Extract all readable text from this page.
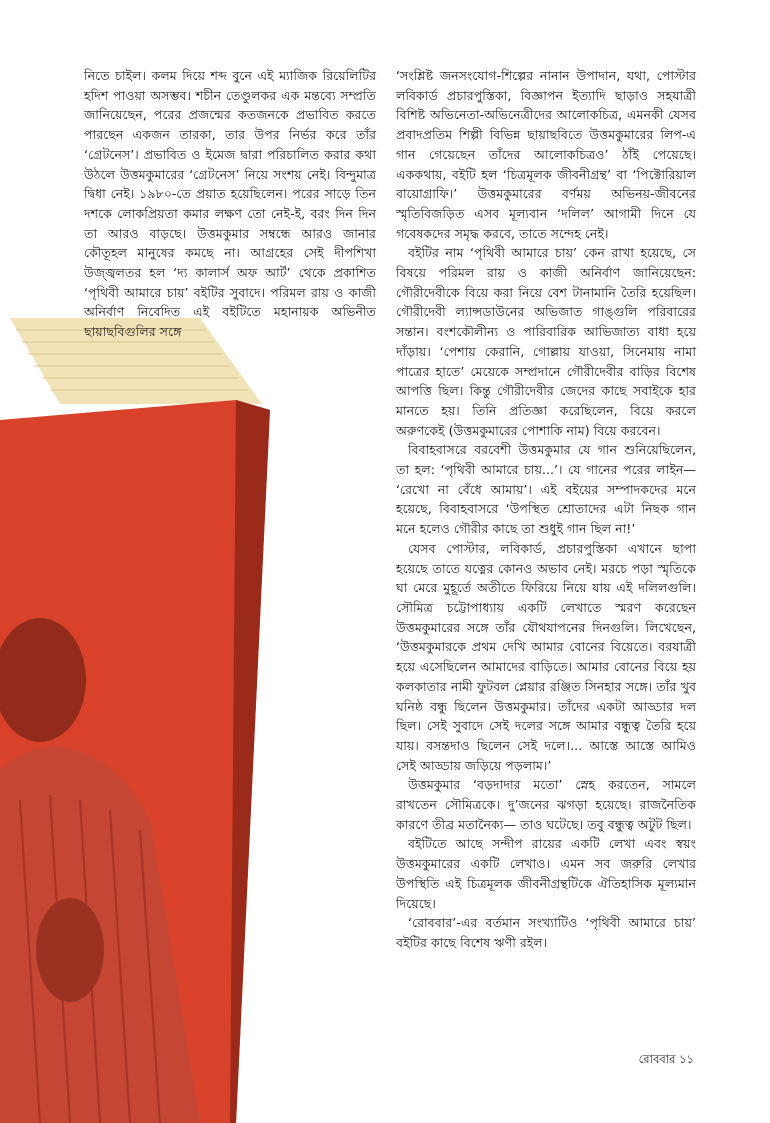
নিতে চাইল। কলম দিয়ে শব্দ বুনে এই ম্যাজিক রিয়েলিটির হদিশ পাওয়া অসম্ভব। শচীন তেণ্ডুলকর এক মন্তব্যে সম্প্রতি জানিয়েছেন, পরের প্রজন্মের কতজনকে প্রভাবিত করতে পারছেন একজন তারকা, তার উপর নির্ভর করে তাঁর ‘গ্রেটনেস’। প্রভাবিত ও ইমেজ দ্বারা পরিচালিত করার কথা উঠলে উত্তমকুমারের ‘গ্রেটনেস’ নিয়ে সংশয় নেই। বিন্দুমাত্র দ্বিধা নেই। ১৯৮০-তে প্রয়াত হয়েছিলেন। পরের সাড়ে তিন দশকে লোকপ্রিয়তা কমার লক্ষণ তো নেই-ই, বরং দিন দিন তা আরও বাড়ছে। উত্তমকুমার সম্বন্ধে আরও জানার কৌতূহল মানুষের কমছে না। আগ্রহের সেই দীপশিখা উজ্জ্বলতর হল ‘দ্য কালার্স অফ আর্ট’ থেকে প্রকাশিত ‘পৃথিবী আমারে চায়’ বইটির সুবাদে। পরিমল রায় ও কাজী অনির্বাণ নিবেদিত এই বইটিতে মহানায়ক অভিনীত ছায়াছবিগুলির সঙ্গে

‘সংশ্লিষ্ট জনসংযোগ-শিল্পের নানান উপাদান, যথা, পোস্টার লবিকার্ড প্রচারপুস্তিকা, বিজ্ঞাপন ইত্যাদি ছাড়াও সহযাত্রী বিশিষ্ট অভিনেতা-অভিনেত্রীদের আলোকচিত্র, এমনকী যেসব প্রবাদপ্রতিম শিল্পী বিভিন্ন ছায়াছবিতে উত্তমকুমারের লিপ-এ গান গেয়েছেন তাঁদের আলোকচিত্রও’ ঠাঁই পেয়েছে। এককথায়, বইটি হল ‘চিত্রমূলক জীবনীগ্রন্থ’ বা ‘পিক্টোরিয়াল বায়োগ্রাফি।’ উত্তমকুমারের বর্ণময় অভিনয়-জীবনের স্মৃতিবিজড়িত এসব মূল্যবান ‘দলিল’ আগামী দিনে যে গবেষকদের সমৃদ্ধ করবে, তাতে সন্দেহ নেই।

বইটির নাম ‘পৃথিবী আমারে চায়’ কেন রাখা হয়েছে, সে বিষয়ে পরিমল রায় ও কাজী অনির্বাণ জানিয়েছেন: গৌরীদেবীকে বিয়ে করা নিয়ে বেশ টানামানি তৈরি হয়েছিল। গৌরীদেবী ল্যান্সডাউনের অভিজাত গাঙ্গুলি পরিবারের সন্তান। বংশকৌলীন্য ও পারিবারিক আভিজাত্য বাধা হয়ে দাঁড়ায়। ‘পেশায় কেরানি, গোল্লায় যাওয়া, সিনেমায় নামা পাত্রের হাতে’ মেয়েকে সম্প্রদানে গৌরীদেবীর বাড়ির বিশেষ আপত্তি ছিল। কিন্তু গৌরীদেবীর জেদের কাছে সবাইকে হার মানতে হয়। তিনি প্রতিজ্ঞা করেছিলেন, বিয়ে করলে অরুণকেই (উত্তমকুমারের পোশাকি নাম) বিয়ে করবেন।

বিবাহবাসরে বরবেশী উত্তমকুমার যে গান শুনিয়েছিলেন, তা হল: ‘পৃথিবী আমারে চায়...’। যে গানের পরের লাইন— ‘রেখো না বেঁধে আমায়’। এই বইয়ের সম্পাদকদের মনে হয়েছে, বিবাহবাসরে ‘উপস্থিত শ্রোতাদের এটা নিছক গান মনে হলেও গৌরীর কাছে তা শুধুই গান ছিল না!’

যেসব পোস্টার, লবিকার্ড, প্রচারপুস্তিকা এখানে ছাপা হয়েছে তাতে যত্নের কোনও অভাব নেই। মরচে পড়া স্মৃতিকে ঘা মেরে মুহূর্তে অতীতে ফিরিয়ে নিয়ে যায় এই দলিলগুলি। সৌমিত্র চট্টোপাধ্যায় একটি লেখাতে স্মরণ করেছেন উত্তমকুমারের সঙ্গে তাঁর যৌথযাপনের দিনগুলি। লিখেছেন, ‘উত্তমকুমারকে প্রথম দেখি আমার বোনের বিয়েতে। বরযাত্রী হয়ে এসেছিলেন আমাদের বাড়িতে। আমার বোনের বিয়ে হয় কলকাতার নামী ফুটবল প্লেয়ার রঞ্জিত সিনহার সঙ্গে। তাঁর খুব ঘনিষ্ঠ বন্ধু ছিলেন উত্তমকুমার। তাঁদের একটা আড্ডার দল ছিল। সেই সুবাদে সেই দলের সঙ্গে আমার বন্ধুত্ব তৈরি হয়ে যায়। বসন্তদাও ছিলেন সেই দলে।... আস্তে আস্তে আমিও সেই আড্ডায় জড়িয়ে পড়লাম।’

উত্তমকুমার ‘বড়দাদার মতো’ স্নেহ করতেন, সামলে রাখতেন সৌমিত্রকে। দু’জনের ঝগড়া হয়েছে। রাজনৈতিক কারণে তীব্র মতানৈক্য— তাও ঘটেছে। তবু বন্ধুত্ব অটুট ছিল।

বইটিতে আছে সন্দীপ রায়ের একটি লেখা এবং স্বয়ং উত্তমকুমারের একটি লেখাও। এমন সব জরুরি লেখার উপস্থিতি এই চিত্রমূলক জীবনীগ্রন্থটিকে ঐতিহাসিক মূল্যমান দিয়েছে।

‘রোববার’-এর বর্তমান সংখ্যাটিও ‘পৃথিবী আমারে চায়’ বইটির কাছে বিশেষ ঋণী রইল।

রোববার ১১
